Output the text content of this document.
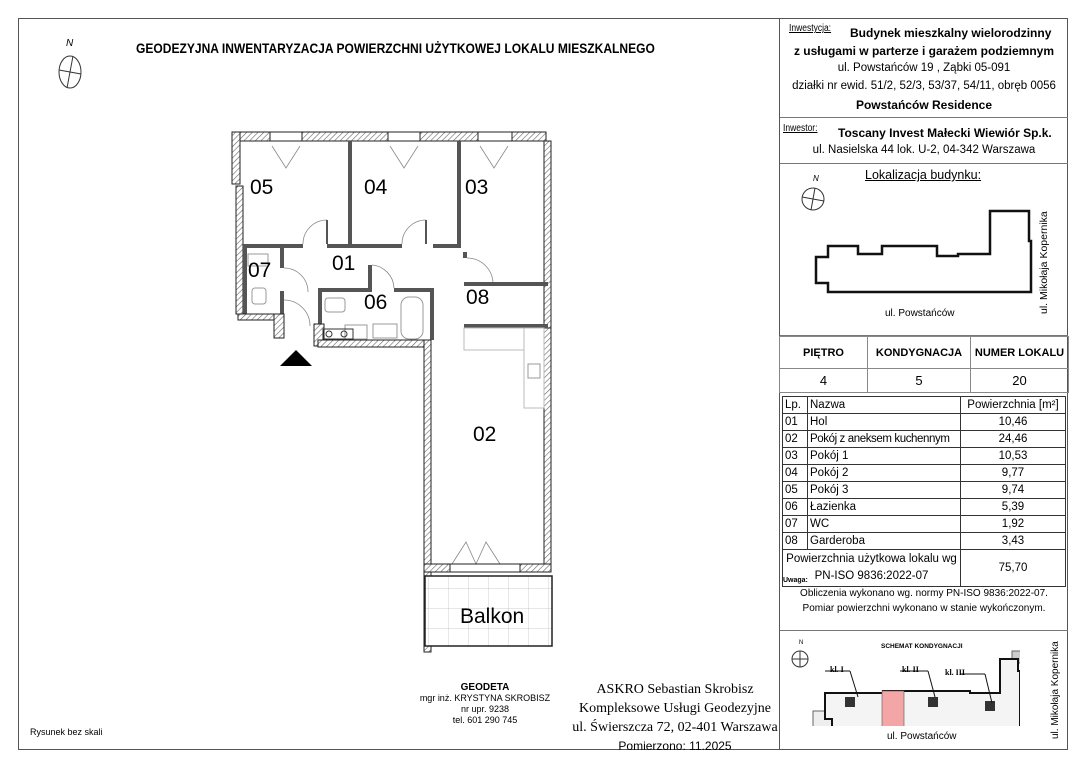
N	GEODEZYJNA INWENTARYZACJA POWIERZCHNI UŻYTKOWEJ LOKALU MIESZKALNEGO
05	04	03
07	01
06	08
02
Balkon
Rysunek bez skali
GEODETA
mgr inż. KRYSTYNA SKROBISZ
nr upr. 9238
tel. 601 290 745
ASKRO Sebastian Skrobisz
Kompleksowe Usługi Geodezyjne
ul. Świerszcza 72, 02-401 Warszawa
Pomierzono: 11.2025
Inwestycja: Budynek mieszkalny wielorodzinny
z usługami w parterze i garażem podziemnym
ul. Powstańców 19 , Ząbki 05-091
działki nr ewid. 51/2, 52/3, 53/37, 54/11, obręb 0056
Powstańców Residence
Inwestor: Toscany Invest Małecki Wiewiór Sp.k.
ul. Nasielska 44 lok. U-2, 04-342 Warszawa
Lokalizacja budynku:
N
ul. Powstańców	ul. Mikołaja Kopernika
PIĘTRO	KONDYGNACJA	NUMER LOKALU
4	5	20
Lp.	Nazwa	Powierzchnia [m²]
01	Hol	10,46
02	Pokój z aneksem kuchennym	24,46
03	Pokój 1	10,53
04	Pokój 2	9,77
05	Pokój 3	9,74
06	Łazienka	5,39
07	WC	1,92
08	Garderoba	3,43

Powierzchnia użytkowa lokalu wg
PN-ISO 9836:2022-07		75,70
Uwaga:
Obliczenia wykonano wg. normy PN-ISO 9836:2022-07.
Pomiar powierzchni wykonano w stanie wykończonym.
SCHEMAT KONDYGNACJI
N
kl. I	kl. II	kl. III
ul. Powstańców	ul. Mikołaja Kopernika
